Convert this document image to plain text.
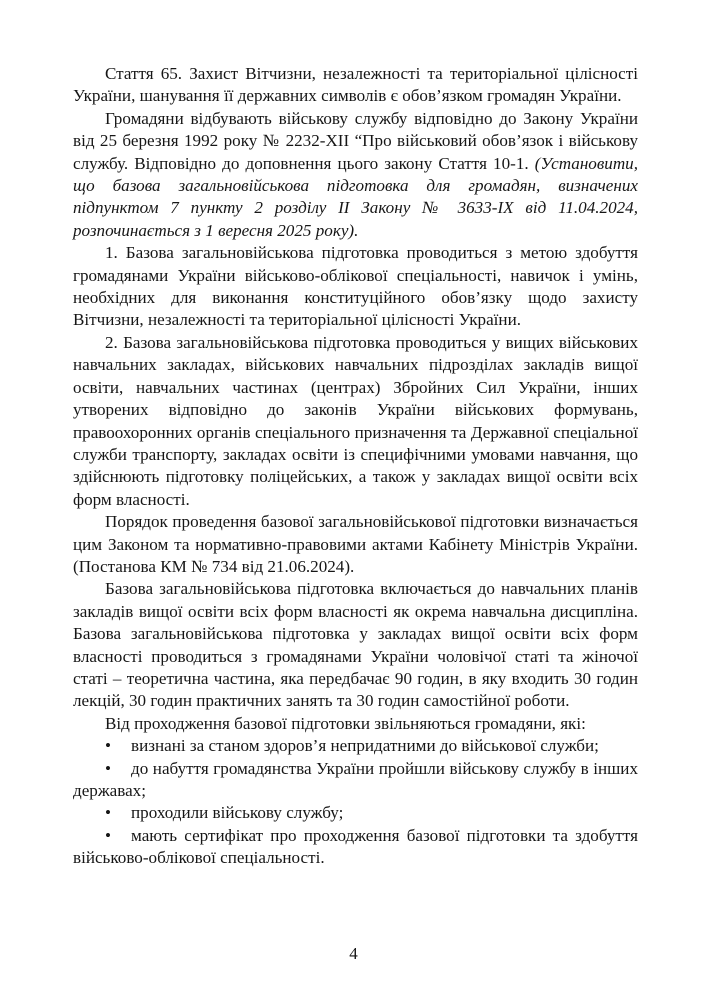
Стаття 65. Захист Вітчизни, незалежності та територіальної цілісності України, шанування її державних символів є обов’язком громадян України.

Громадяни відбувають військову службу відповідно до Закону України від 25 березня 1992 року № 2232-XII “Про військовий обов’язок і військову службу. Відповідно до доповнення цього закону Стаття 10-1. (Установити, що базова загальновійськова підготовка для громадян, визначених підпунктом 7 пункту 2 розділу ІІ Закону № 3633-IX від 11.04.2024, розпочинається з 1 вересня 2025 року).

1. Базова загальновійськова підготовка проводиться з метою здобуття громадянами України військово-облікової спеціальності, навичок і умінь, необхідних для виконання конституційного обов’язку щодо захисту Вітчизни, незалежності та територіальної цілісності України.

2. Базова загальновійськова підготовка проводиться у вищих військових навчальних закладах, військових навчальних підрозділах закладів вищої освіти, навчальних частинах (центрах) Збройних Сил України, інших утворених відповідно до законів України військових формувань, правоохоронних органів спеціального призначення та Державної спеціальної служби транспорту, закладах освіти із специфічними умовами навчання, що здійснюють підготовку поліцейських, а також у закладах вищої освіти всіх форм власності.

Порядок проведення базової загальновійськової підготовки визначається цим Законом та нормативно-правовими актами Кабінету Міністрів України. (Постанова КМ № 734 від 21.06.2024).

Базова загальновійськова підготовка включається до навчальних планів закладів вищої освіти всіх форм власності як окрема навчальна дисципліна. Базова загальновійськова підготовка у закладах вищої освіти всіх форм власності проводиться з громадянами України чоловічої статі та жіночої статі – теоретична частина, яка передбачає 90 годин, в яку входить 30 годин лекцій, 30 годин практичних занять та 30 годин самостійної роботи.

Від проходження базової підготовки звільняються громадяни, які:

• визнані за станом здоров’я непридатними до військової служби;

• до набуття громадянства України пройшли військову службу в інших державах;

• проходили військову службу;

• мають сертифікат про проходження базової підготовки та здобуття військово-облікової спеціальності.

4
